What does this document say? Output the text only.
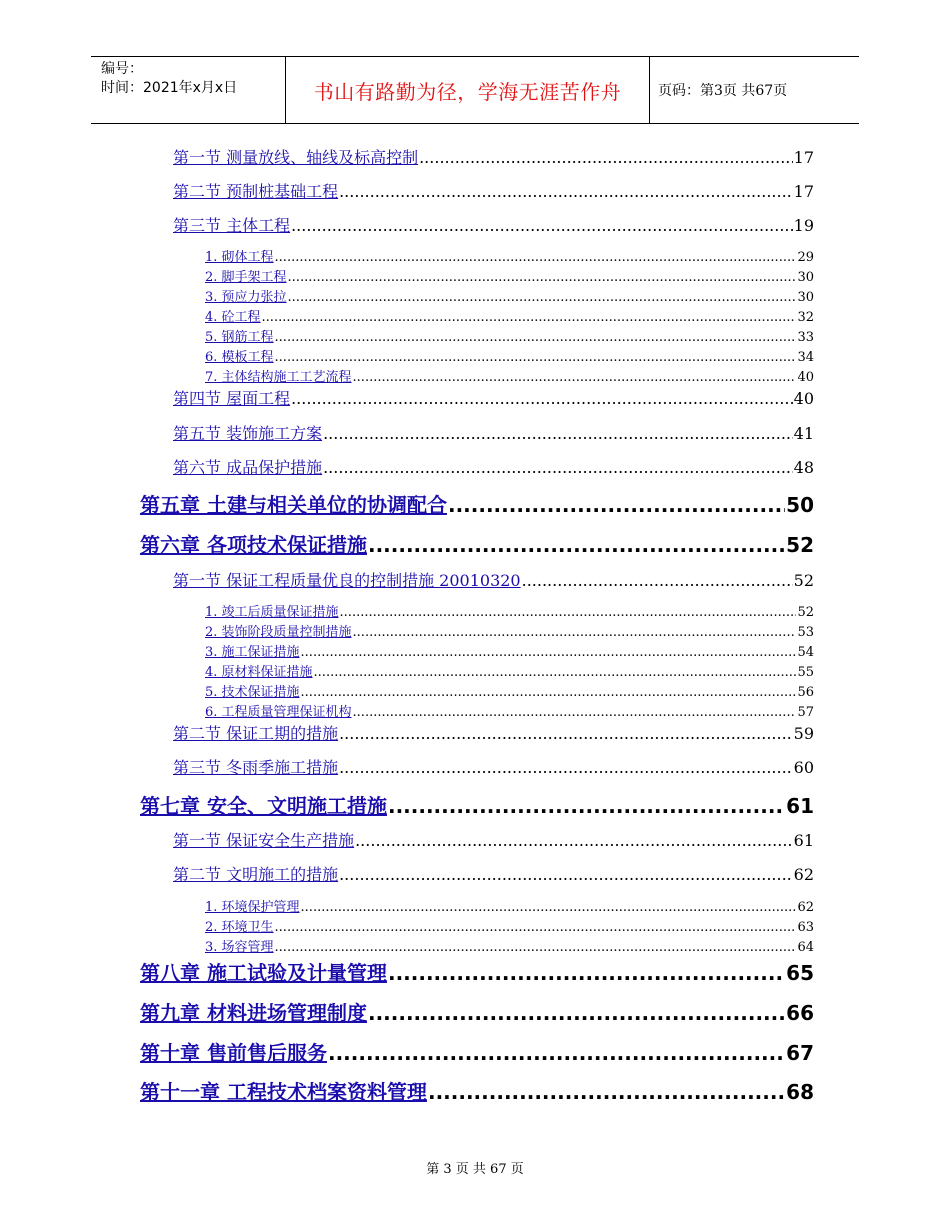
编号：
时间：2021年x月x日	书山有路勤为径，学海无涯苦作舟	页码：第3页 共67页
第一节 测量放线、轴线及标高控制 .....	17
第二节 预制桩基础工程 .....	17
第三节 主体工程 .....	19
1. 砌体工程 .....	29
2. 脚手架工程 .....	30
3. 预应力张拉 .....	30
4. 砼工程 .....	32
5. 钢筋工程 .....	33
6. 模板工程 .....	34
7. 主体结构施工工艺流程 .....	40
第四节 屋面工程 .....	40
第五节 装饰施工方案 .....	41
第六节 成品保护措施 .....	48
第五章 土建与相关单位的协调配合 .....	50
第六章 各项技术保证措施 .....	52
第一节 保证工程质量优良的控制措施 20010320 .....	52
1. 竣工后质量保证措施 .....	52
2. 装饰阶段质量控制措施 .....	53
3. 施工保证措施 .....	54
4. 原材料保证措施 .....	55
5. 技术保证措施 .....	56
6. 工程质量管理保证机构 .....	57
第二节 保证工期的措施 .....	59
第三节 冬雨季施工措施 .....	60
第七章 安全、文明施工措施 .....	61
第一节 保证安全生产措施 .....	61
第二节 文明施工的措施 .....	62
1. 环境保护管理 .....	62
2. 环境卫生 .....	63
3. 场容管理 .....	64
第八章 施工试验及计量管理 .....	65
第九章 材料进场管理制度 .....	66
第十章 售前售后服务 .....	67
第十一章 工程技术档案资料管理 .....	68
第 3 页 共 67 页
